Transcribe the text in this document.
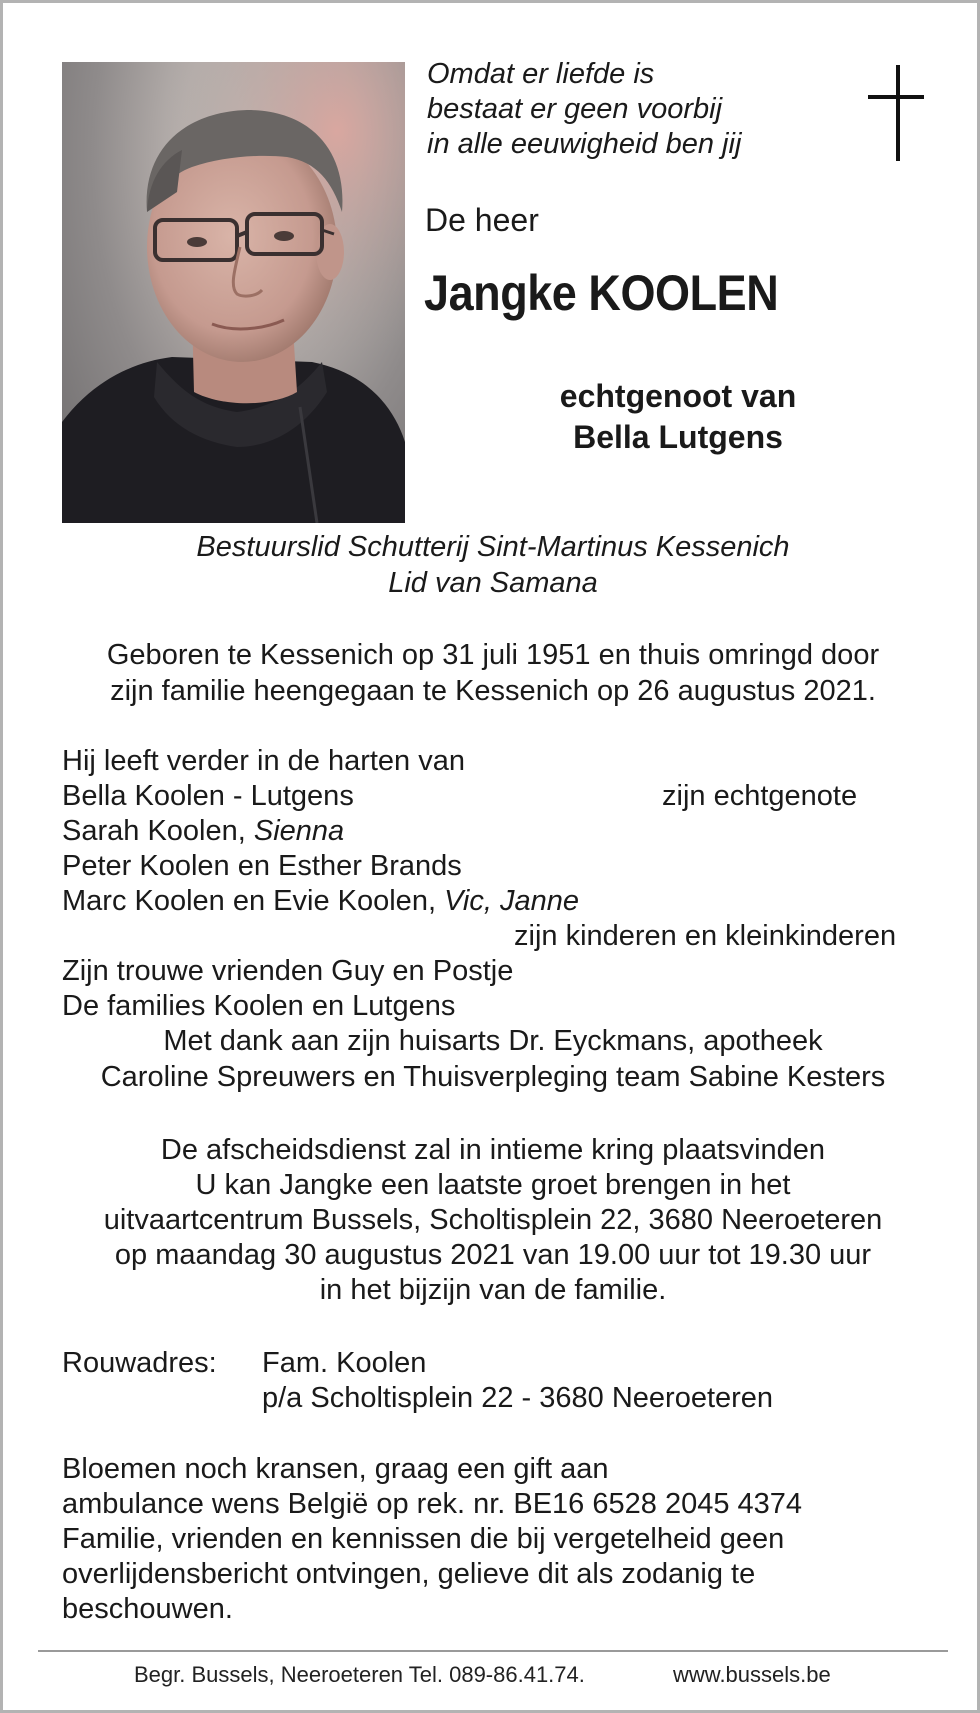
Omdat er liefde is
bestaat er geen voorbij
in alle eeuwigheid ben jij
De heer
Jangke KOOLEN
echtgenoot van
Bella Lutgens
Bestuurslid Schutterij Sint-Martinus Kessenich
Lid van Samana
Geboren te Kessenich op 31 juli 1951 en thuis omringd door
zijn familie heengegaan te Kessenich op 26 augustus 2021.
Hij leeft verder in de harten van
Bella Koolen - Lutgens	zijn echtgenote
Sarah Koolen, Sienna
Peter Koolen en Esther Brands
Marc Koolen en Evie Koolen, Vic, Janne
zijn kinderen en kleinkinderen
Zijn trouwe vrienden Guy en Postje
De families Koolen en Lutgens
Met dank aan zijn huisarts Dr. Eyckmans, apotheek
Caroline Spreuwers en Thuisverpleging team Sabine Kesters
De afscheidsdienst zal in intieme kring plaatsvinden
U kan Jangke een laatste groet brengen in het
uitvaartcentrum Bussels, Scholtisplein 22, 3680 Neeroeteren
op maandag 30 augustus 2021 van 19.00 uur tot 19.30 uur
in het bijzijn van de familie.
Rouwadres: Fam. Koolen
p/a Scholtisplein 22 - 3680 Neeroeteren
Bloemen noch kransen, graag een gift aan
ambulance wens België op rek. nr. BE16 6528 2045 4374
Familie, vrienden en kennissen die bij vergetelheid geen
overlijdensbericht ontvingen, gelieve dit als zodanig te
beschouwen.
Begr. Bussels, Neeroeteren Tel. 089-86.41.74.	www.bussels.be
